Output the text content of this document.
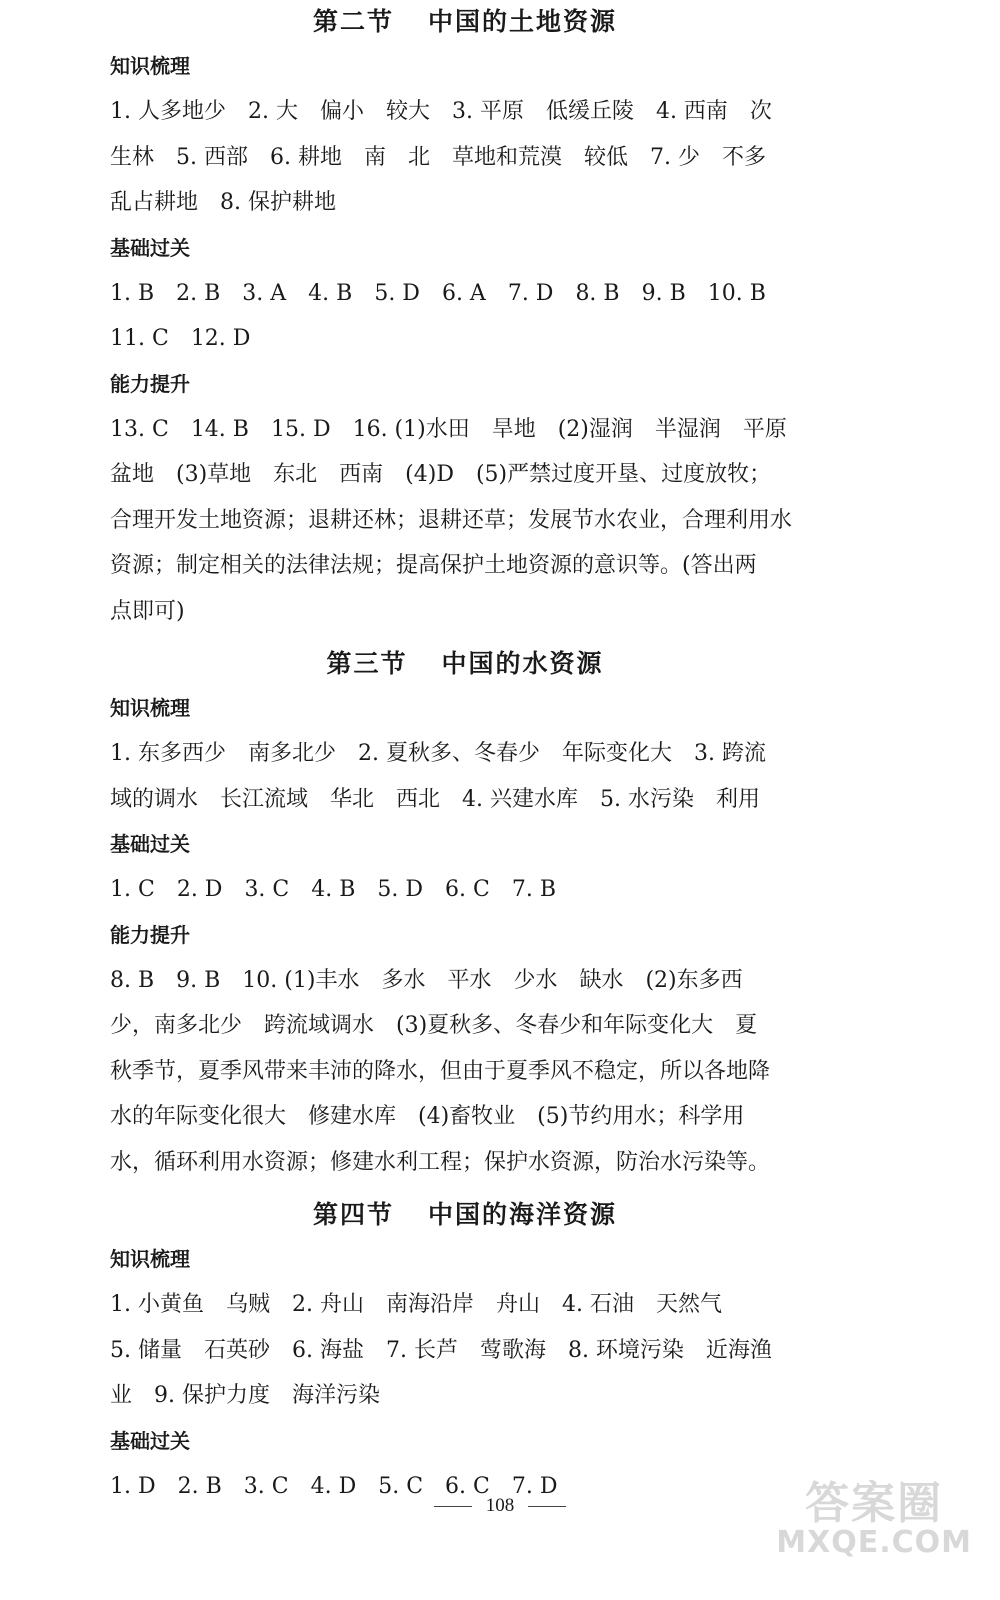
第二节 中国的土地资源
知识梳理
1. 人多地少　2. 大　偏小　较大　3. 平原　低缓丘陵　4. 西南　次
生林　5. 西部　6. 耕地　南　北　草地和荒漠　较低　7. 少　不多
乱占耕地　8. 保护耕地
基础过关
1. B　2. B　3. A　4. B　5. D　6. A　7. D　8. B　9. B　10. B
11. C　12. D
能力提升
13. C　14. B　15. D　16. (1)水田　旱地　(2)湿润　半湿润　平原
盆地　(3)草地　东北　西南　(4)D　(5)严禁过度开垦、过度放牧；
合理开发土地资源；退耕还林；退耕还草；发展节水农业，合理利用水
资源；制定相关的法律法规；提高保护土地资源的意识等。(答出两
点即可)
第三节 中国的水资源
知识梳理
1. 东多西少　南多北少　2. 夏秋多、冬春少　年际变化大　3. 跨流
域的调水　长江流域　华北　西北　4. 兴建水库　5. 水污染　利用
基础过关
1. C　2. D　3. C　4. B　5. D　6. C　7. B
能力提升
8. B　9. B　10. (1)丰水　多水　平水　少水　缺水　(2)东多西
少，南多北少　跨流域调水　(3)夏秋多、冬春少和年际变化大　夏
秋季节，夏季风带来丰沛的降水，但由于夏季风不稳定，所以各地降
水的年际变化很大　修建水库　(4)畜牧业　(5)节约用水；科学用
水，循环利用水资源；修建水利工程；保护水资源，防治水污染等。
第四节 中国的海洋资源
知识梳理
1. 小黄鱼　乌贼　2. 舟山　南海沿岸　舟山　4. 石油　天然气
5. 储量　石英砂　6. 海盐　7. 长芦　莺歌海　8. 环境污染　近海渔
业　9. 保护力度　海洋污染
基础过关
1. D　2. B　3. C　4. D　5. C　6. C　7. D
108	答案圈
MXQE.COM
